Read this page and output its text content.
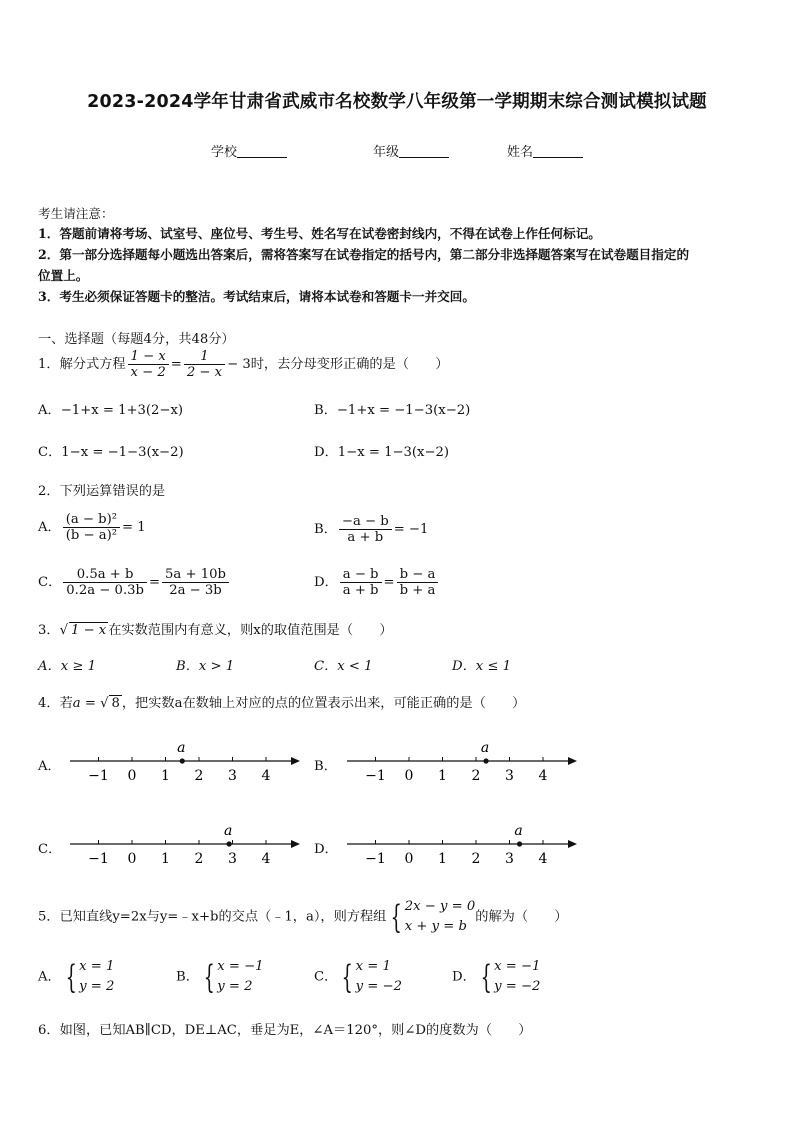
2023-2024学年甘肃省武威市名校数学八年级第一学期期末综合测试模拟试题
学校	年级	姓名
考生请注意：
1．答题前请将考场、试室号、座位号、考生号、姓名写在试卷密封线内，不得在试卷上作任何标记。
2．第一部分选择题每小题选出答案后，需将答案写在试卷指定的括号内，第二部分非选择题答案写在试卷题目指定的
位置上。
3．考生必须保证答题卡的整洁。考试结束后，请将本试卷和答题卡一并交回。
一、选择题（每题4分，共48分）
1．解分式方程 $\frac{1 - x}{x - 2} = \frac{1}{2 - x} - 3$时，去分母变形正确的是（　　）
A．−1+x = 1+3(2−x)	B．−1+x = −1−3(x−2)
C．1−x = −1−3(x−2)	D．1−x = 1−3(x−2)
2．下列运算错误的是
A． $\frac{\text{(a − b)²}}{\text{(b − a)²}} = 1$	B． $\frac{-a - b}{a + b} = -1$
C． $\frac{0.5a + b}{0.2a - 0.3b} = \frac{5a + 10b}{2a - 3b}$	D． $\frac{a - b}{a + b} = \frac{b - a}{b + a}$
3．√ 1 − x 在实数范围内有意义，则x的取值范围是（　　）
A．x ≥ 1	B．x > 1	C．x < 1	D．x ≤ 1
4．若a = √ 8 ，把实数a在数轴上对应的点的位置表示出来，可能正确的是（　　）
A．	B．
C．	D．
−1 0 1 2 3 4
a
−1 0 1 2 3 4
a
−1 0 1 2 3 4
a
−1 0 1 2 3 4
a
5．已知直线y=2x与y=﹣x+b的交点（﹣1，a），则方程组 { 2x − y = 0
x + y = b
的解为（　　）
A． { x = 1
y = 2
B． { x = −1
y = 2
C． { x = 1
y = −2
D． { x = −1
y = −2
6．如图，已知AB∥CD，DE⊥AC，垂足为E，∠A＝120°，则∠D的度数为（　　）
